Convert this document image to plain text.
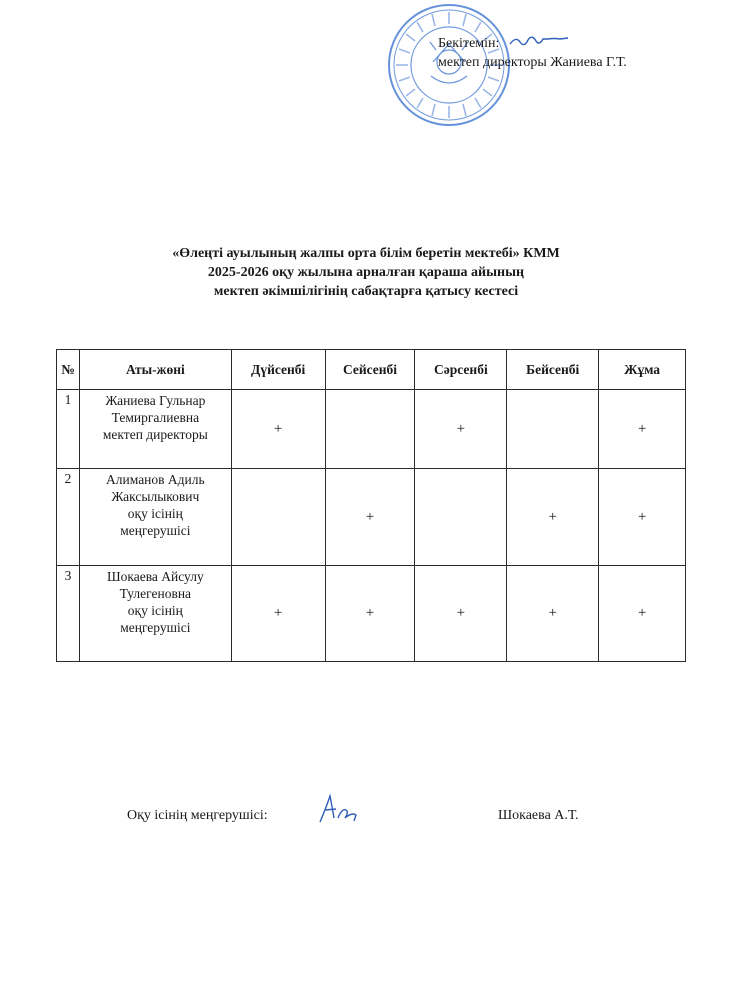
Бекітемін:
мектеп директоры Жаниева Г.Т.
«Өлеңті ауылының жалпы орта білім беретін мектебі» КММ
2025-2026 оқу жылына арналған қараша айының
мектеп әкімшілігінің сабақтарға қатысу кестесі
№	Аты-жөні	Дүйсенбі	Сейсенбі	Сәрсенбі	Бейсенбі	Жұма
1	Жаниева Гульнар
Темиргалиевна
мектеп директоры	+		+		+
2	Алиманов Адиль
Жаксылыкович
оқу ісінің
меңгерушісі		+		+	+
3	Шокаева Айсулу
Тулегеновна
оқу ісінің
меңгерушісі	+	+	+	+	+
Оқу ісінің меңгерушісі:	Шокаева А.Т.
